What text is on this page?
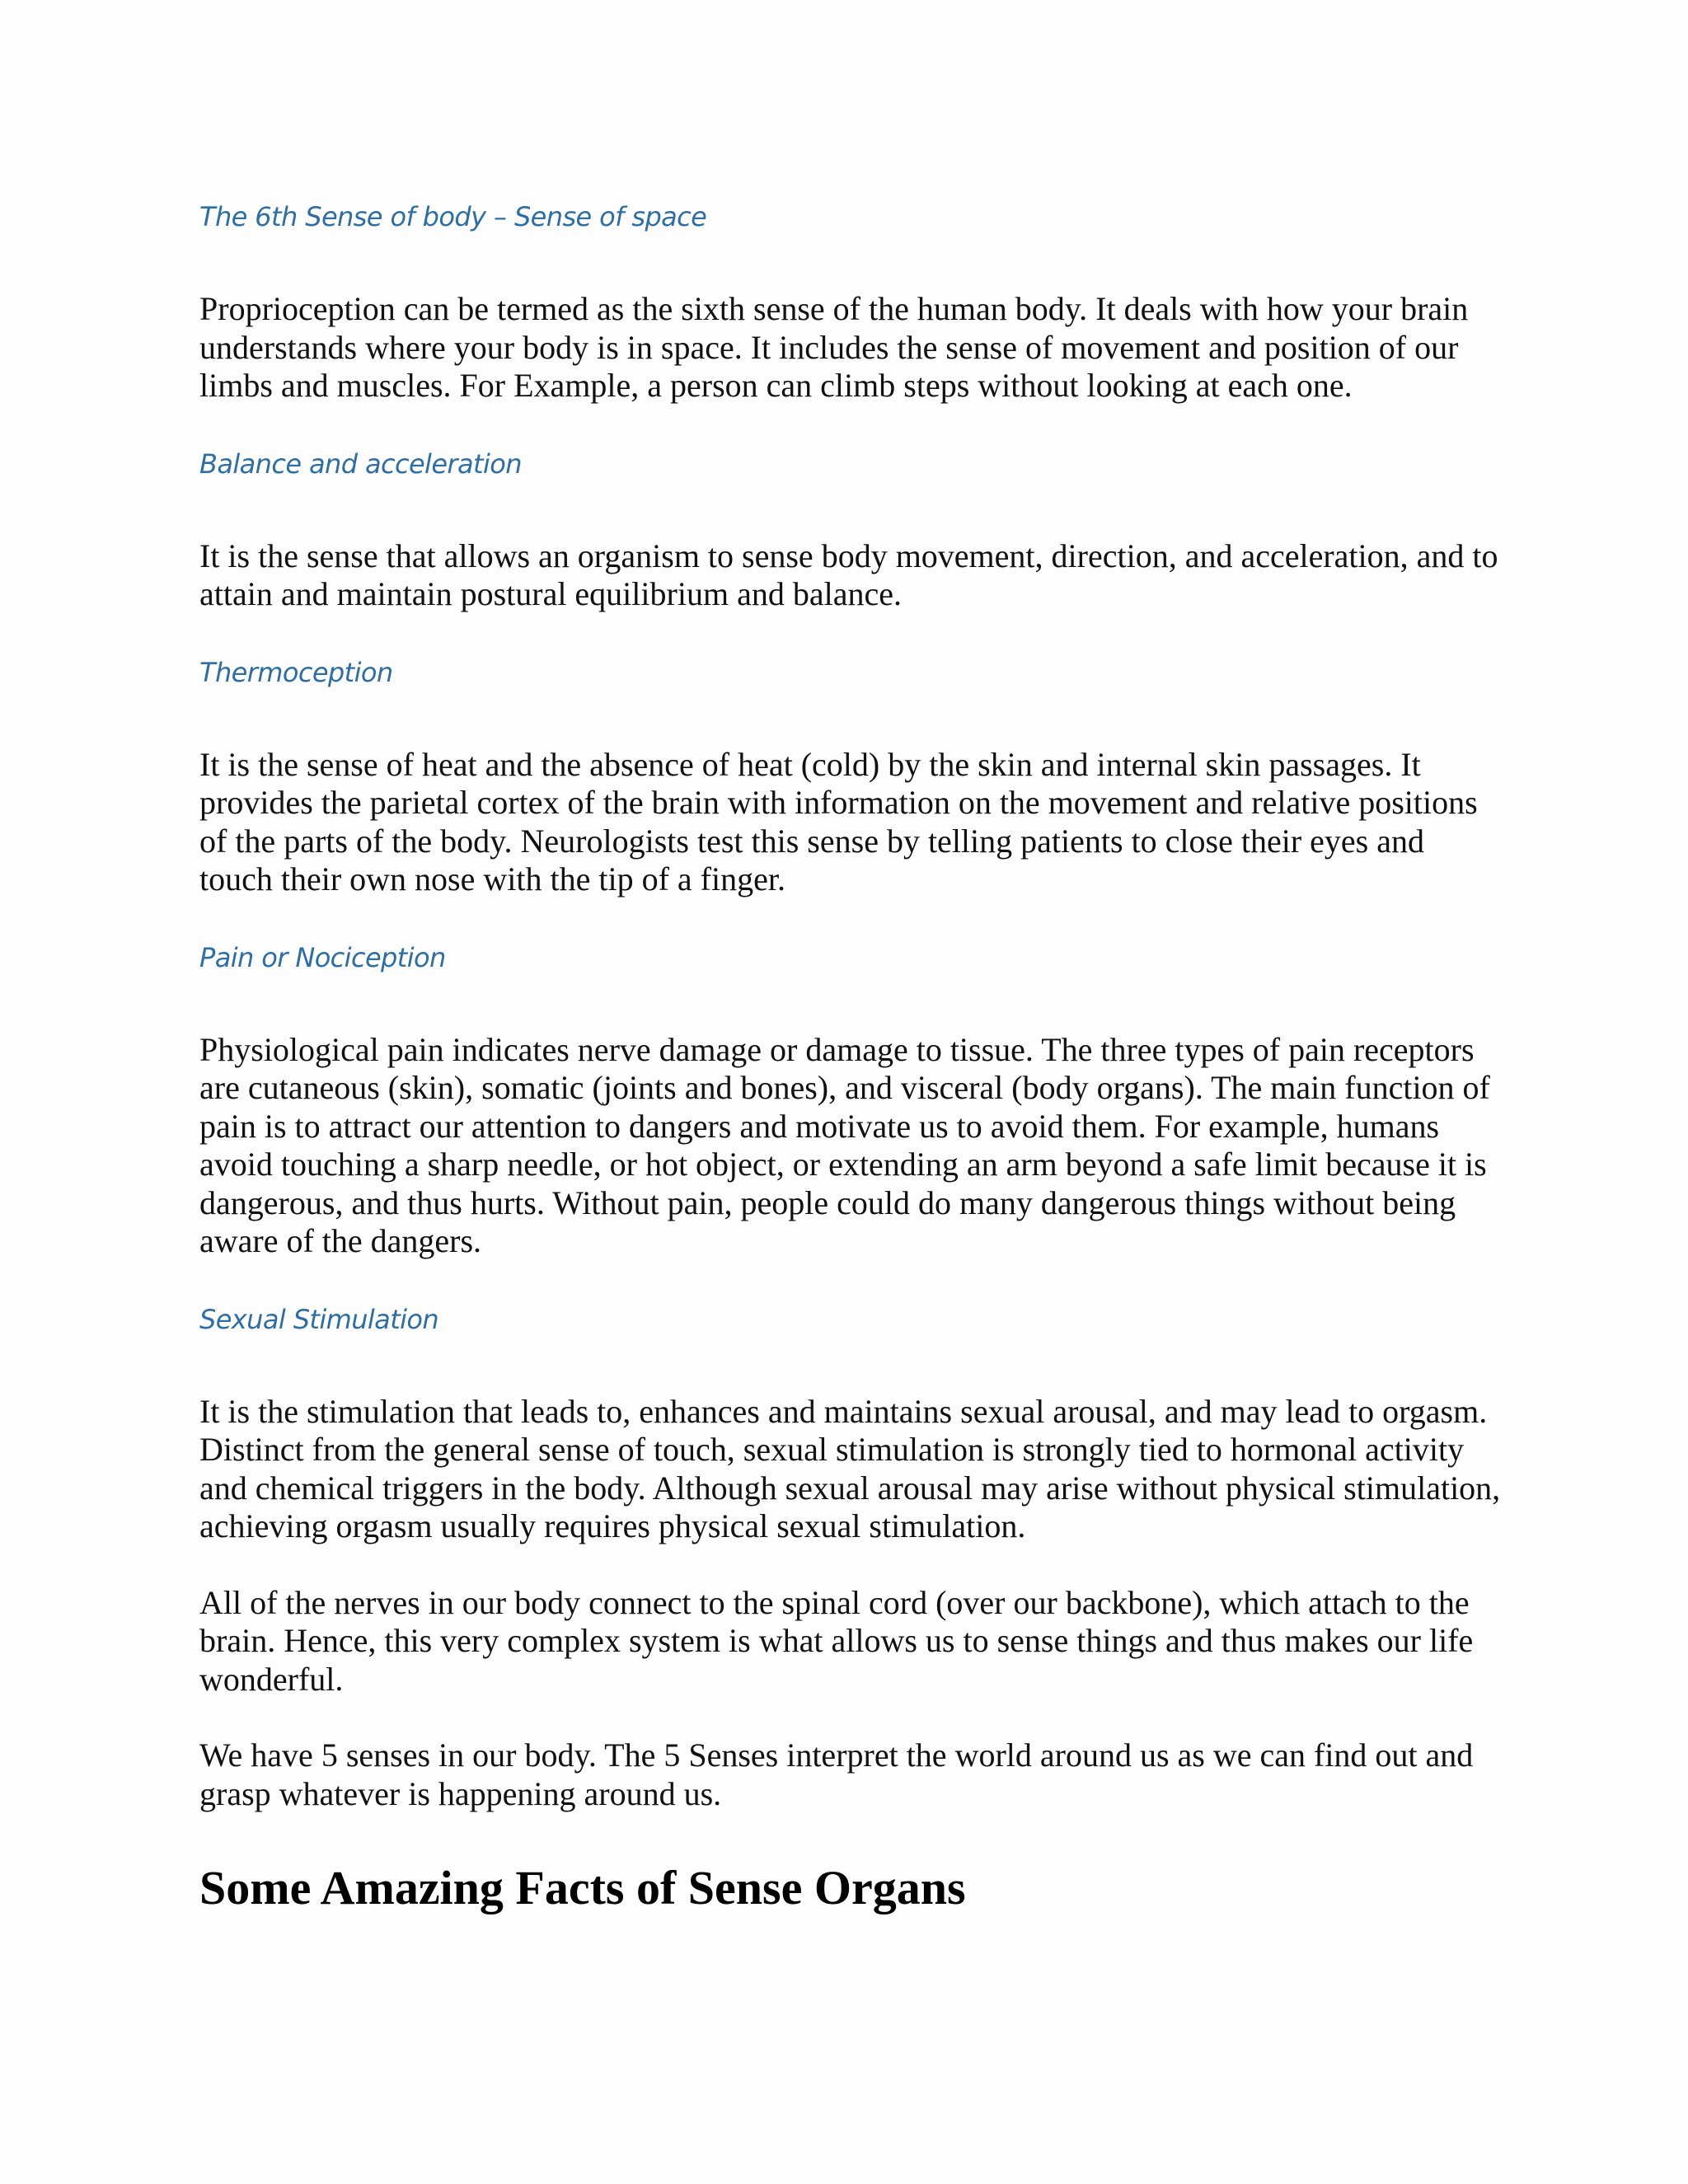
The 6th Sense of body – Sense of space

Proprioception can be termed as the sixth sense of the human body. It deals with how your brain understands where your body is in space. It includes the sense of movement and position of our limbs and muscles. For Example, a person can climb steps without looking at each one.

Balance and acceleration

It is the sense that allows an organism to sense body movement, direction, and acceleration, and to attain and maintain postural equilibrium and balance.

Thermoception

It is the sense of heat and the absence of heat (cold) by the skin and internal skin passages. It provides the parietal cortex of the brain with information on the movement and relative positions of the parts of the body. Neurologists test this sense by telling patients to close their eyes and touch their own nose with the tip of a finger.

Pain or Nociception

Physiological pain indicates nerve damage or damage to tissue. The three types of pain receptors are cutaneous (skin), somatic (joints and bones), and visceral (body organs). The main function of pain is to attract our attention to dangers and motivate us to avoid them. For example, humans avoid touching a sharp needle, or hot object, or extending an arm beyond a safe limit because it is dangerous, and thus hurts. Without pain, people could do many dangerous things without being aware of the dangers.

Sexual Stimulation

It is the stimulation that leads to, enhances and maintains sexual arousal, and may lead to orgasm. Distinct from the general sense of touch, sexual stimulation is strongly tied to hormonal activity and chemical triggers in the body. Although sexual arousal may arise without physical stimulation, achieving orgasm usually requires physical sexual stimulation.

All of the nerves in our body connect to the spinal cord (over our backbone), which attach to the brain. Hence, this very complex system is what allows us to sense things and thus makes our life wonderful.

We have 5 senses in our body. The 5 Senses interpret the world around us as we can find out and grasp whatever is happening around us.

Some Amazing Facts of Sense Organs
